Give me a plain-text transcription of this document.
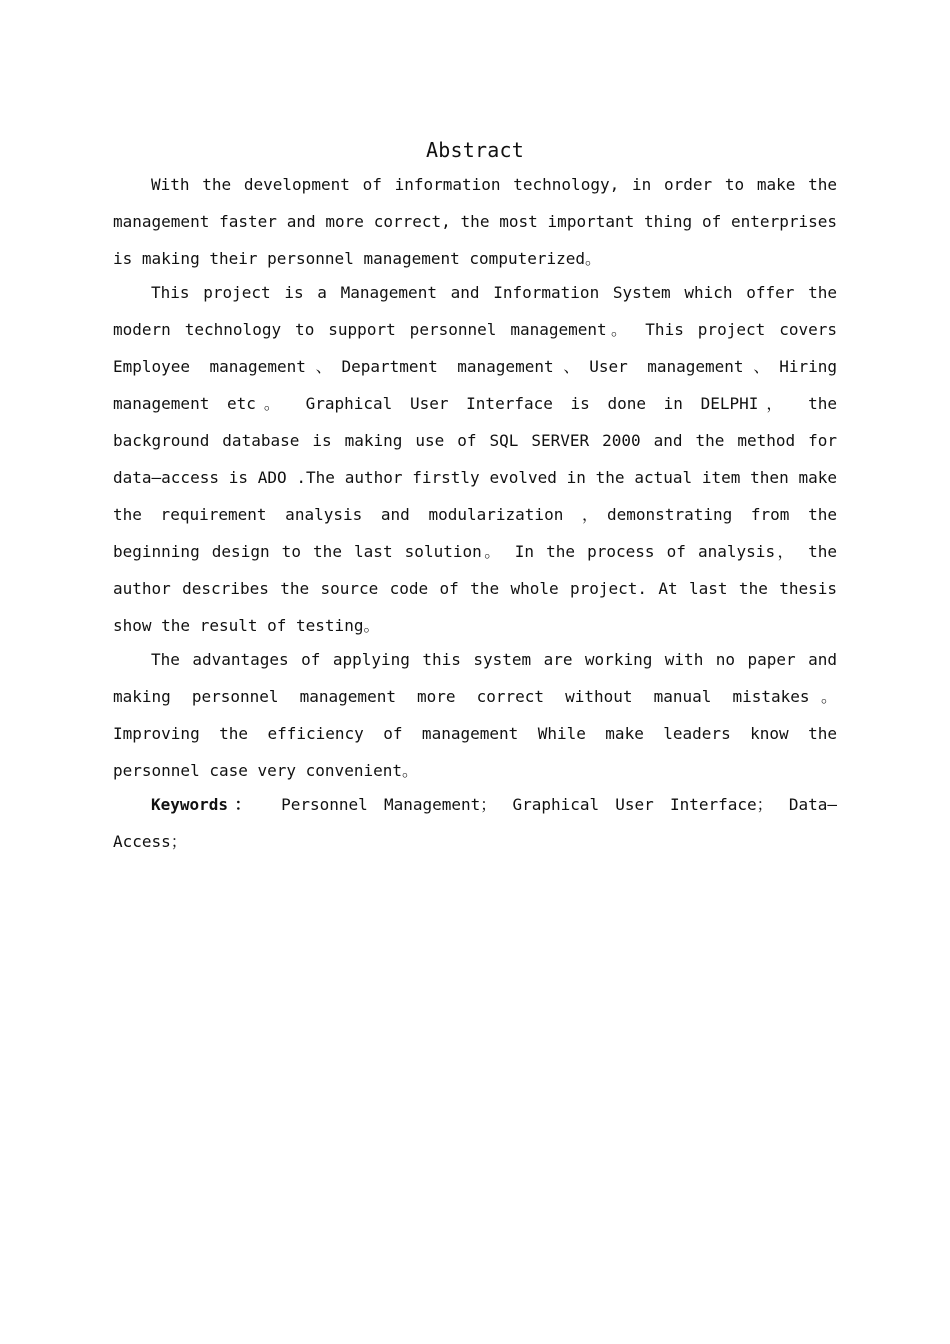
Abstract

With the development of information technology, in order to make the management faster and more correct, the most important thing of enterprises is making their personnel management computerized。

This project is a Management and Information System which offer the modern technology to support personnel management。 This project covers Employee management、Department management、User management、Hiring management etc。 Graphical User Interface is done in DELPHI， the background database is making use of SQL SERVER 2000 and the method for data—access is ADO .The author firstly evolved in the actual item then make the requirement analysis and modularization ，demonstrating from the beginning design to the last solution。 In the process of analysis， the author describes the source code of the whole project. At last the thesis show the result of testing。

The advantages of applying this system are working with no paper and making personnel management more correct without manual mistakes。 Improving the efficiency of management While make leaders know the personnel case very convenient。

Keywords： Personnel Management； Graphical User Interface； Data—Access；
